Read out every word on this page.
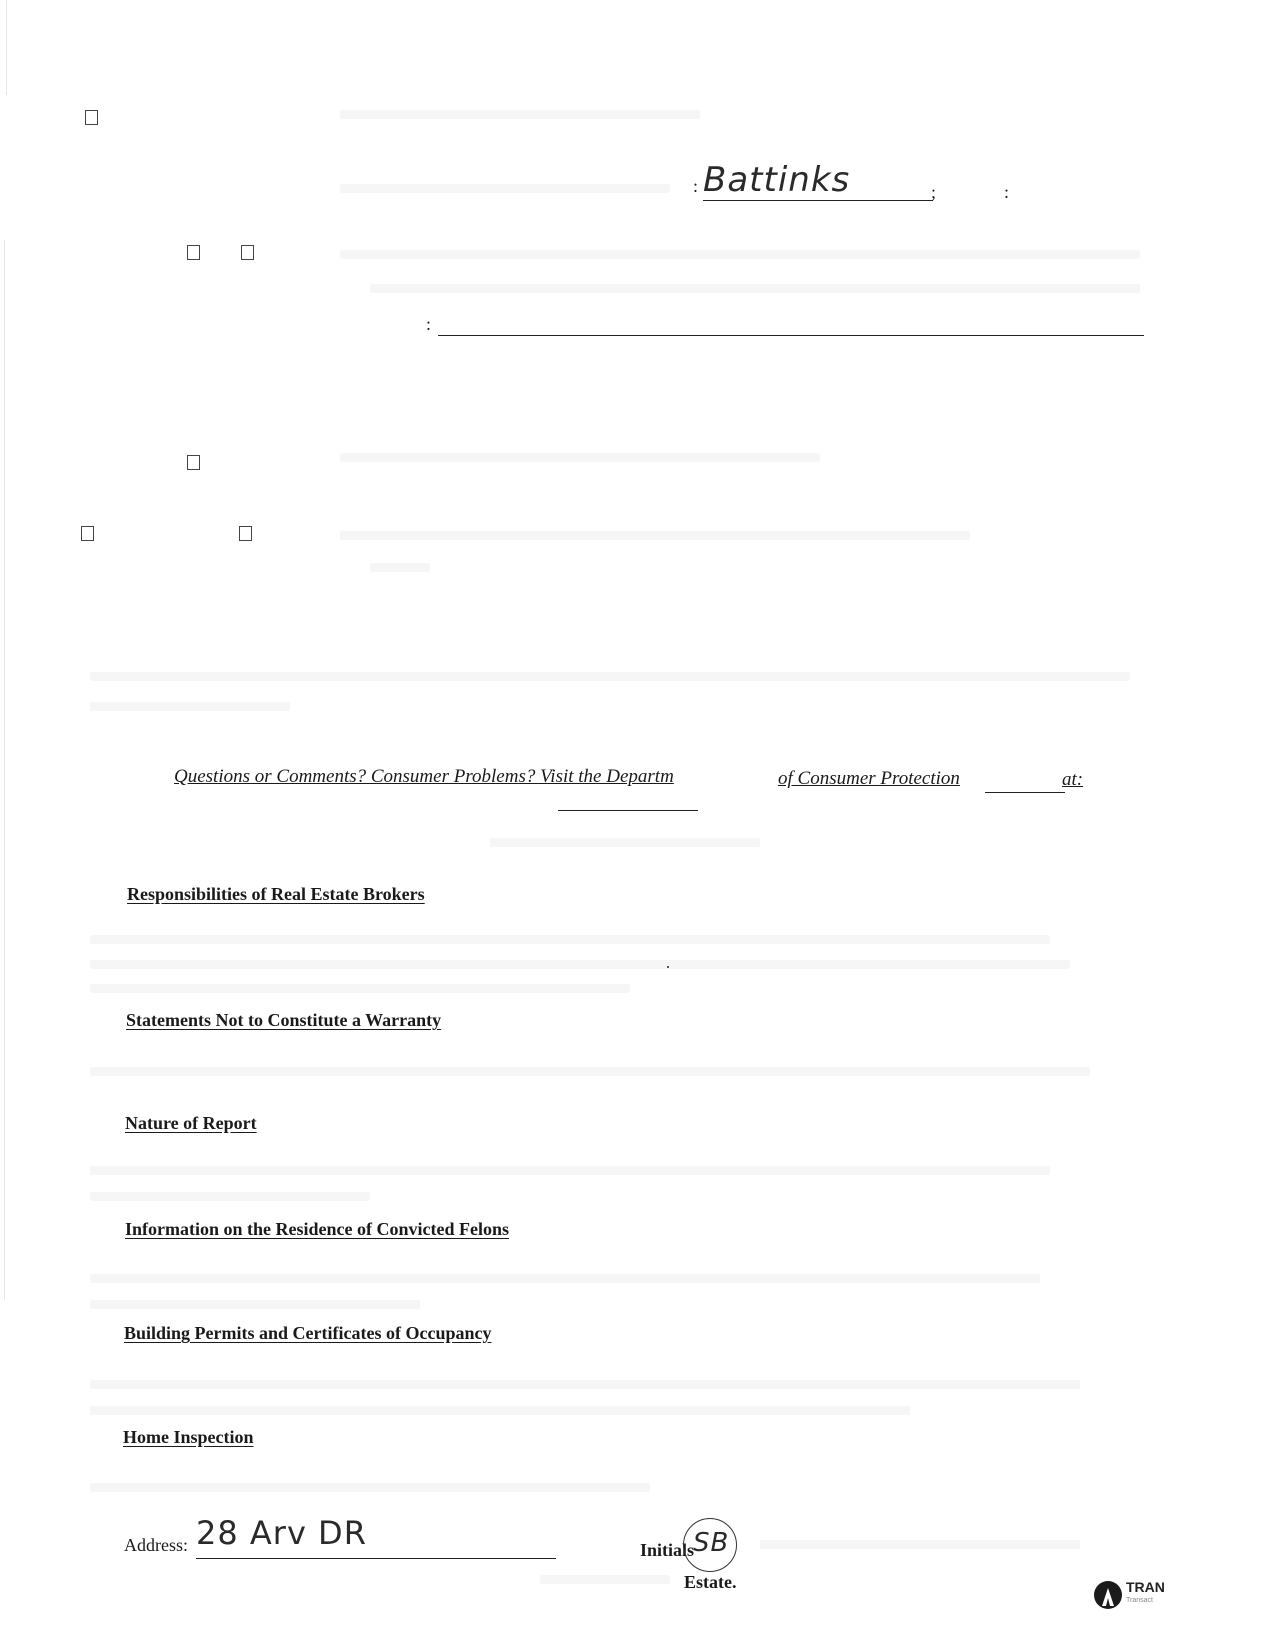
: Battinks	;	:
:
Questions or Comments? Consumer Problems? Visit the Departm	of Consumer Protection	at:
Responsibilities of Real Estate Brokers
Statements Not to Constitute a Warranty
Nature of Report
Information on the Residence of Convicted Felons
Building Permits and Certificates of Occupancy
Home Inspection
Address: 28 Arv DR	Initials
SB
Estate.	TRAN
Transact
